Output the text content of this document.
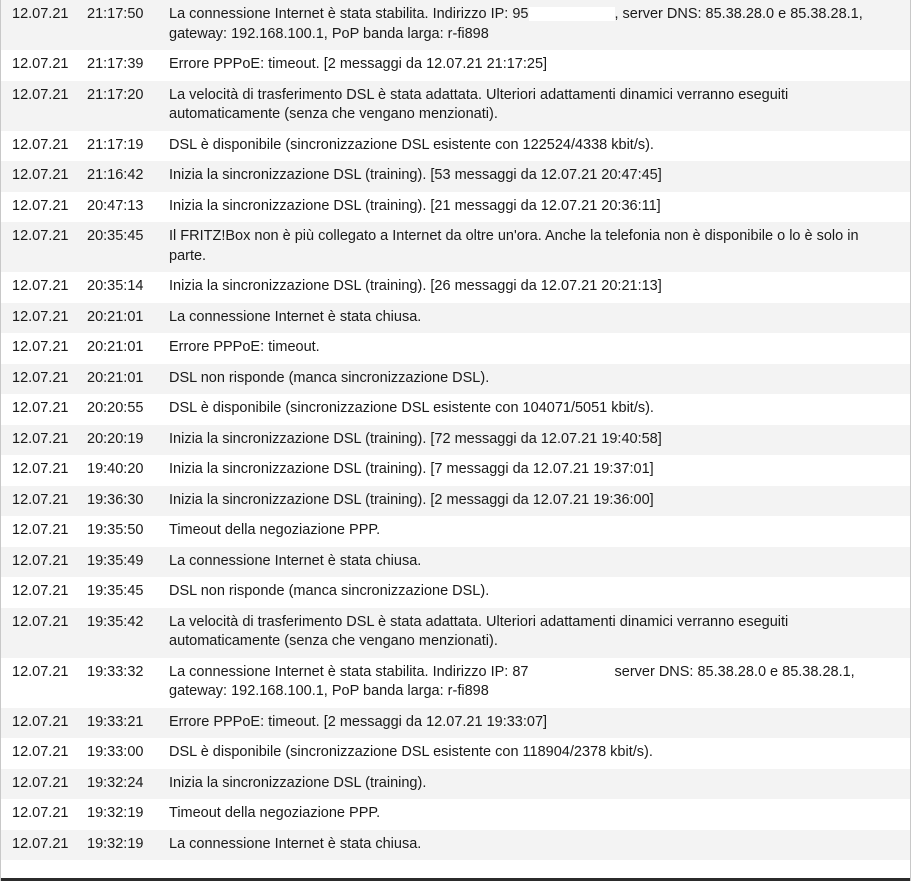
12.07.21	21:17:50	La connessione Internet è stata stabilita. Indirizzo IP: 95 , server DNS: 85.38.28.0 e 85.38.28.1, gateway: 192.168.100.1, PoP banda larga: r-fi898
12.07.21	21:17:39	Errore PPPoE: timeout. [2 messaggi da 12.07.21 21:17:25]
12.07.21	21:17:20	La velocità di trasferimento DSL è stata adattata. Ulteriori adattamenti dinamici verranno eseguiti automaticamente (senza che vengano menzionati).
12.07.21	21:17:19	DSL è disponibile (sincronizzazione DSL esistente con 122524/4338 kbit/s).
12.07.21	21:16:42	Inizia la sincronizzazione DSL (training). [53 messaggi da 12.07.21 20:47:45]
12.07.21	20:47:13	Inizia la sincronizzazione DSL (training). [21 messaggi da 12.07.21 20:36:11]
12.07.21	20:35:45	Il FRITZ!Box non è più collegato a Internet da oltre un'ora. Anche la telefonia non è disponibile o lo è solo in parte.
12.07.21	20:35:14	Inizia la sincronizzazione DSL (training). [26 messaggi da 12.07.21 20:21:13]
12.07.21	20:21:01	La connessione Internet è stata chiusa.
12.07.21	20:21:01	Errore PPPoE: timeout.
12.07.21	20:21:01	DSL non risponde (manca sincronizzazione DSL).
12.07.21	20:20:55	DSL è disponibile (sincronizzazione DSL esistente con 104071/5051 kbit/s).
12.07.21	20:20:19	Inizia la sincronizzazione DSL (training). [72 messaggi da 12.07.21 19:40:58]
12.07.21	19:40:20	Inizia la sincronizzazione DSL (training). [7 messaggi da 12.07.21 19:37:01]
12.07.21	19:36:30	Inizia la sincronizzazione DSL (training). [2 messaggi da 12.07.21 19:36:00]
12.07.21	19:35:50	Timeout della negoziazione PPP.
12.07.21	19:35:49	La connessione Internet è stata chiusa.
12.07.21	19:35:45	DSL non risponde (manca sincronizzazione DSL).
12.07.21	19:35:42	La velocità di trasferimento DSL è stata adattata. Ulteriori adattamenti dinamici verranno eseguiti automaticamente (senza che vengano menzionati).
12.07.21	19:33:32	La connessione Internet è stata stabilita. Indirizzo IP: 87 server DNS: 85.38.28.0 e 85.38.28.1, gateway: 192.168.100.1, PoP banda larga: r-fi898
12.07.21	19:33:21	Errore PPPoE: timeout. [2 messaggi da 12.07.21 19:33:07]
12.07.21	19:33:00	DSL è disponibile (sincronizzazione DSL esistente con 118904/2378 kbit/s).
12.07.21	19:32:24	Inizia la sincronizzazione DSL (training).
12.07.21	19:32:19	Timeout della negoziazione PPP.
12.07.21	19:32:19	La connessione Internet è stata chiusa.
